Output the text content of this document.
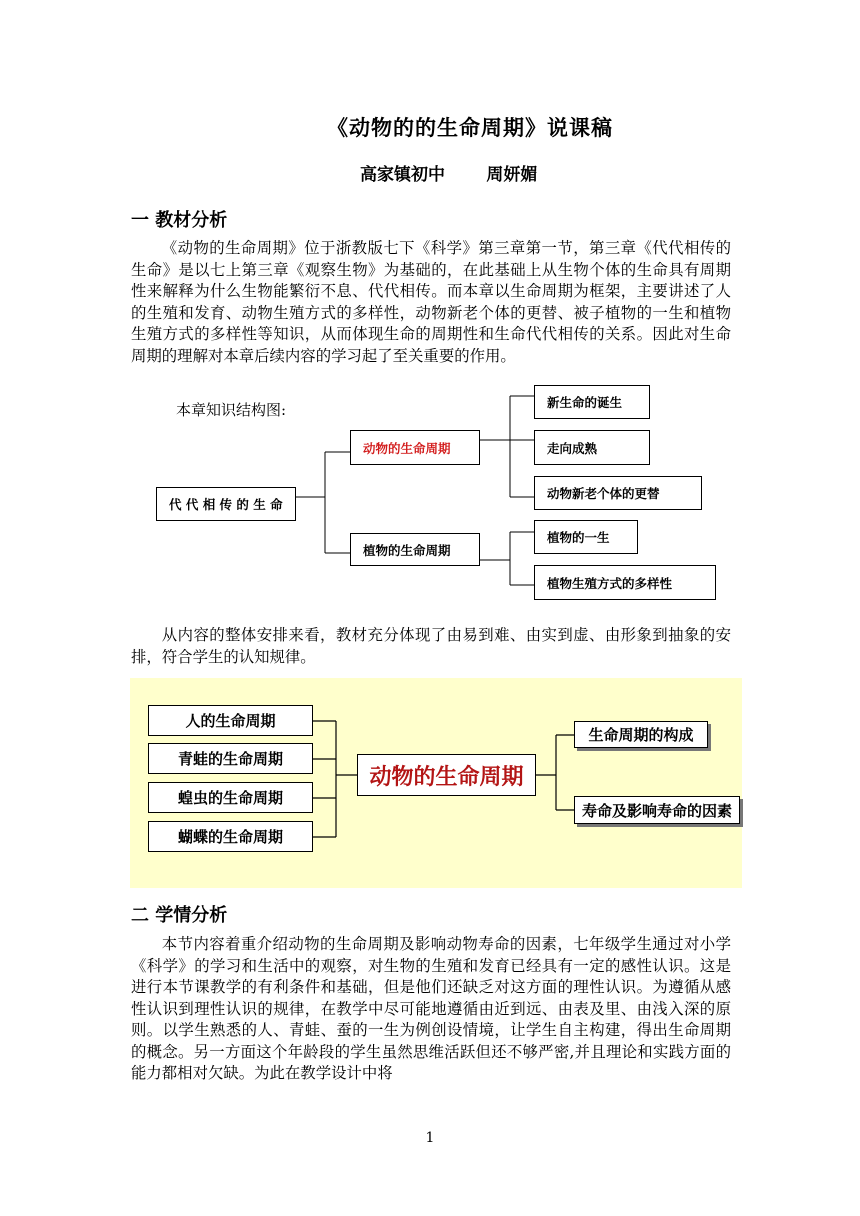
《动物的的生命周期》说课稿
高家镇初中       周妍媚
一 教材分析

《动物的生命周期》位于浙教版七下《科学》第三章第一节，第三章《代代相传的生命》是以七上第三章《观察生物》为基础的，在此基础上从生物个体的生命具有周期性来解释为什么生物能繁衍不息、代代相传。而本章以生命周期为框架，主要讲述了人的生殖和发育、动物生殖方式的多样性，动物新老个体的更替、被子植物的一生和植物生殖方式的多样性等知识，从而体现生命的周期性和生命代代相传的关系。因此对生命周期的理解对本章后续内容的学习起了至关重要的作用。

本章知识结构图:
代 代 相 传 的 生 命
动物的生命周期
植物的生命周期
新生命的诞生
走向成熟
动物新老个体的更替
植物的一生
植物生殖方式的多样性

从内容的整体安排来看，教材充分体现了由易到难、由实到虚、由形象到抽象的安排，符合学生的认知规律。

人的生命周期
青蛙的生命周期
蝗虫的生命周期
蝴蝶的生命周期
动物的生命周期
生命周期的构成
寿命及影响寿命的因素
二 学情分析

本节内容着重介绍动物的生命周期及影响动物寿命的因素，七年级学生通过对小学《科学》的学习和生活中的观察，对生物的生殖和发育已经具有一定的感性认识。这是进行本节课教学的有利条件和基础，但是他们还缺乏对这方面的理性认识。为遵循从感性认识到理性认识的规律，在教学中尽可能地遵循由近到远、由表及里、由浅入深的原则。以学生熟悉的人、青蛙、蚕的一生为例创设情境，让学生自主构建，得出生命周期的概念。另一方面这个年龄段的学生虽然思维活跃但还不够严密,并且理论和实践方面的能力都相对欠缺。为此在教学设计中将

1
